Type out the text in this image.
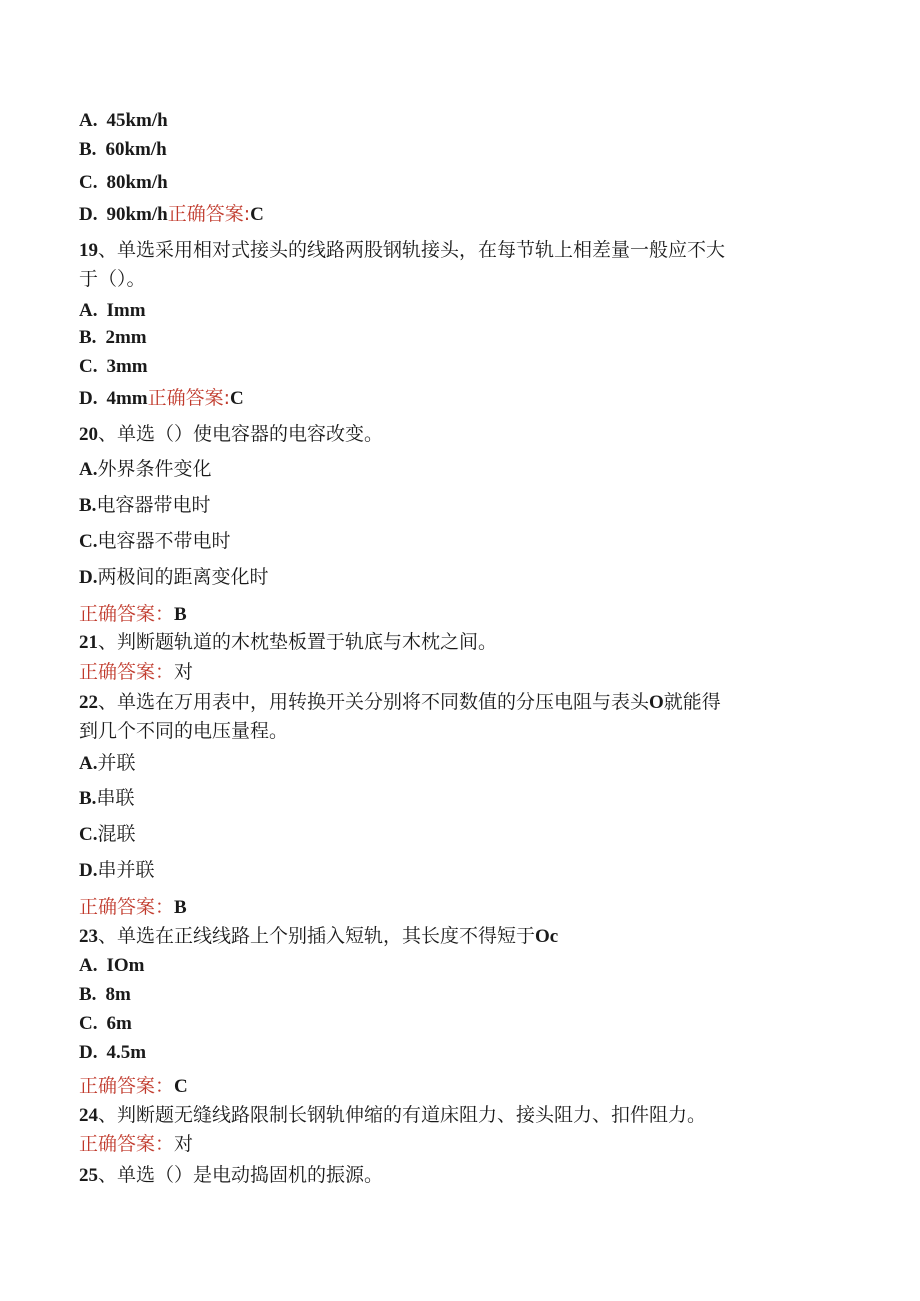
A. 45km/h
B. 60km/h
C. 80km/h
D. 90km/h正确答案:C
19、单选采用相对式接头的线路两股钢轨接头，在每节轨上相差量一般应不大
于（）。
A. Imm
B. 2mm
C. 3mm
D. 4mm正确答案:C
20、单选（）使电容器的电容改变。
A.外界条件变化
B.电容器带电时
C.电容器不带电时
D.两极间的距离变化时
正确答案：B
21、判断题轨道的木枕垫板置于轨底与木枕之间。
正确答案：对
22、单选在万用表中，用转换开关分别将不同数值的分压电阻与表头O就能得
到几个不同的电压量程。
A.并联
B.串联
C.混联
D.串并联
正确答案：B
23、单选在正线线路上个别插入短轨，其长度不得短于Oc
A. IOm
B. 8m
C. 6m
D. 4.5m
正确答案：C
24、判断题无缝线路限制长钢轨伸缩的有道床阻力、接头阻力、扣件阻力。
正确答案：对
25、单选（）是电动捣固机的振源。
